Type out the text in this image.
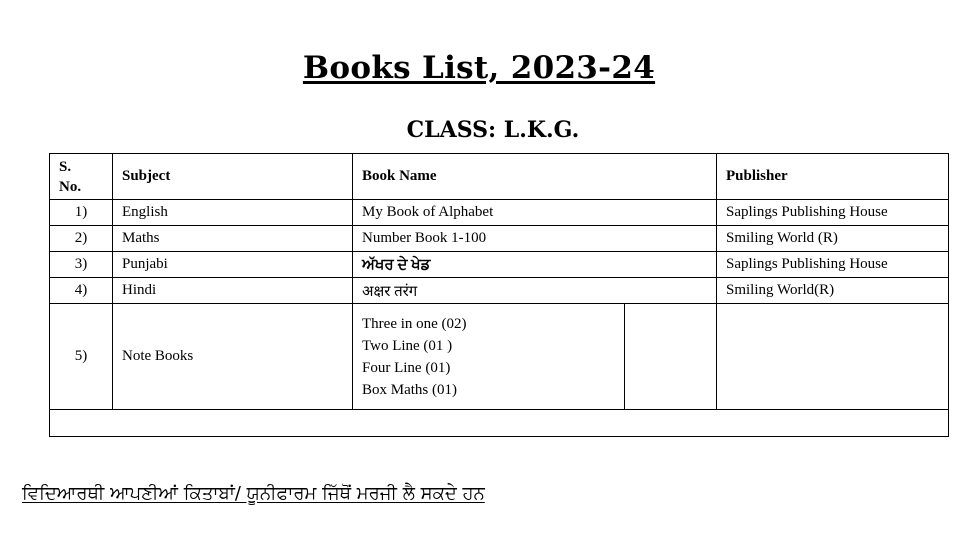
Books List, 2023-24
CLASS: L.K.G.
S.
No.	Subject	Book Name		Publisher
1)	English	My Book of Alphabet		Saplings Publishing House
2)	Maths	Number Book 1-100		Smiling World (R)
3)	Punjabi	ਅੱਖਰ ਦੇ ਖੇਡ		Saplings Publishing House
4)	Hindi	अक्षर तरंग		Smiling World(R)
5)	Note Books	Three in one (02)
Two Line (01 )
Four Line (01)
Box Maths (01)		

ਵਿਦਿਆਰਥੀ ਆਪਣੀਆਂ ਕਿਤਾਬਾਂ/ ਯੂਨੀਫਾਰਮ ਜਿੱਥੋਂ ਮਰਜੀ ਲੈ ਸਕਦੇ ਹਨ
